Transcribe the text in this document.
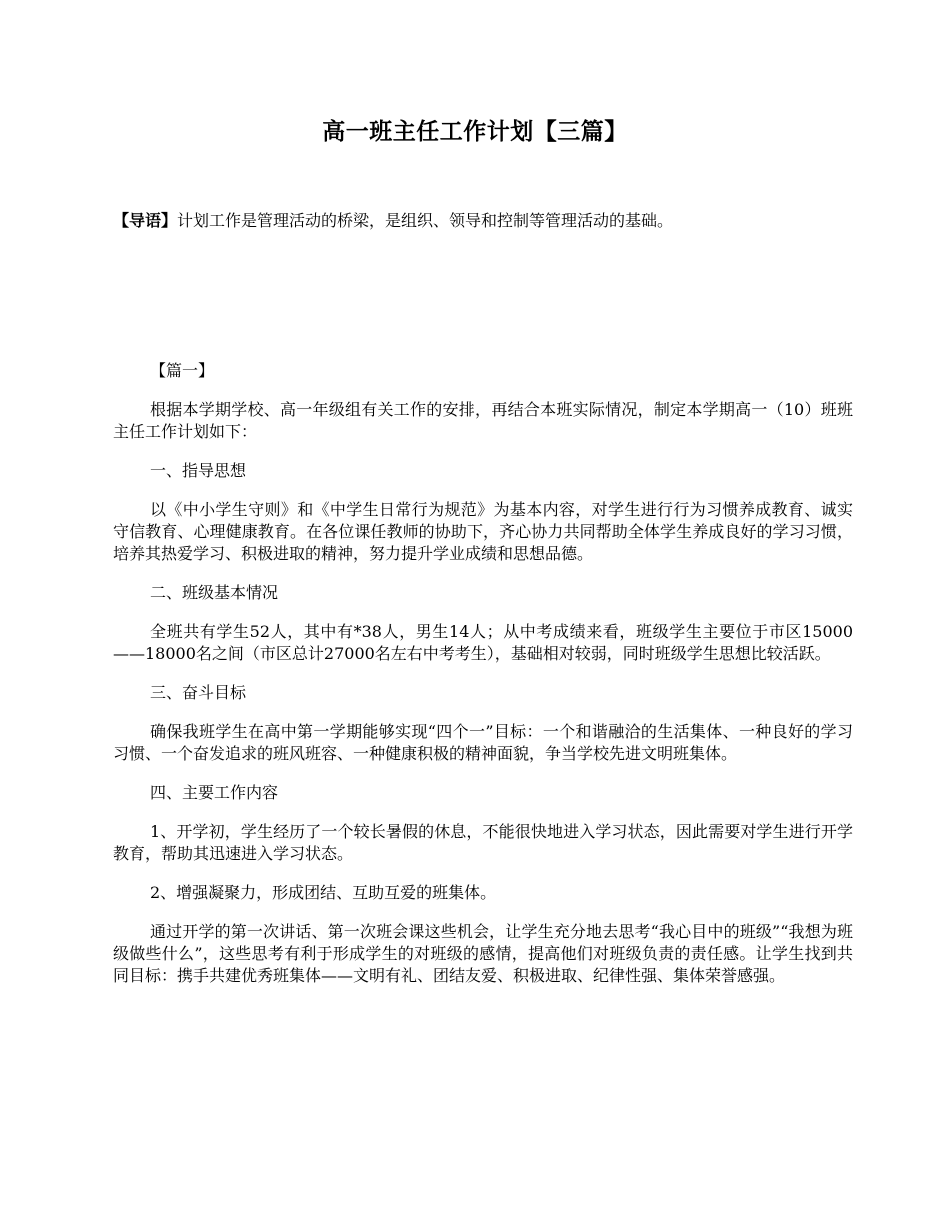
高一班主任工作计划【三篇】
【导语】计划工作是管理活动的桥梁，是组织、领导和控制等管理活动的基础。

【篇一】

根据本学期学校、高一年级组有关工作的安排，再结合本班实际情况，制定本学期高一（10）班班主任工作计划如下：

一、指导思想

以《中小学生守则》和《中学生日常行为规范》为基本内容，对学生进行行为习惯养成教育、诚实守信教育、心理健康教育。在各位课任教师的协助下，齐心协力共同帮助全体学生养成良好的学习习惯，培养其热爱学习、积极进取的精神，努力提升学业成绩和思想品德。

二、班级基本情况

全班共有学生52人，其中有*38人，男生14人；从中考成绩来看，班级学生主要位于市区15000——18000名之间（市区总计27000名左右中考考生），基础相对较弱，同时班级学生思想比较活跃。

三、奋斗目标

确保我班学生在高中第一学期能够实现“四个一”目标：一个和谐融洽的生活集体、一种良好的学习习惯、一个奋发追求的班风班容、一种健康积极的精神面貌，争当学校先进文明班集体。

四、主要工作内容

1、开学初，学生经历了一个较长暑假的休息，不能很快地进入学习状态，因此需要对学生进行开学教育，帮助其迅速进入学习状态。

2、增强凝聚力，形成团结、互助互爱的班集体。

通过开学的第一次讲话、第一次班会课这些机会，让学生充分地去思考“我心目中的班级”“我想为班级做些什么”，这些思考有利于形成学生的对班级的感情，提高他们对班级负责的责任感。让学生找到共同目标：携手共建优秀班集体——文明有礼、团结友爱、积极进取、纪律性强、集体荣誉感强。
